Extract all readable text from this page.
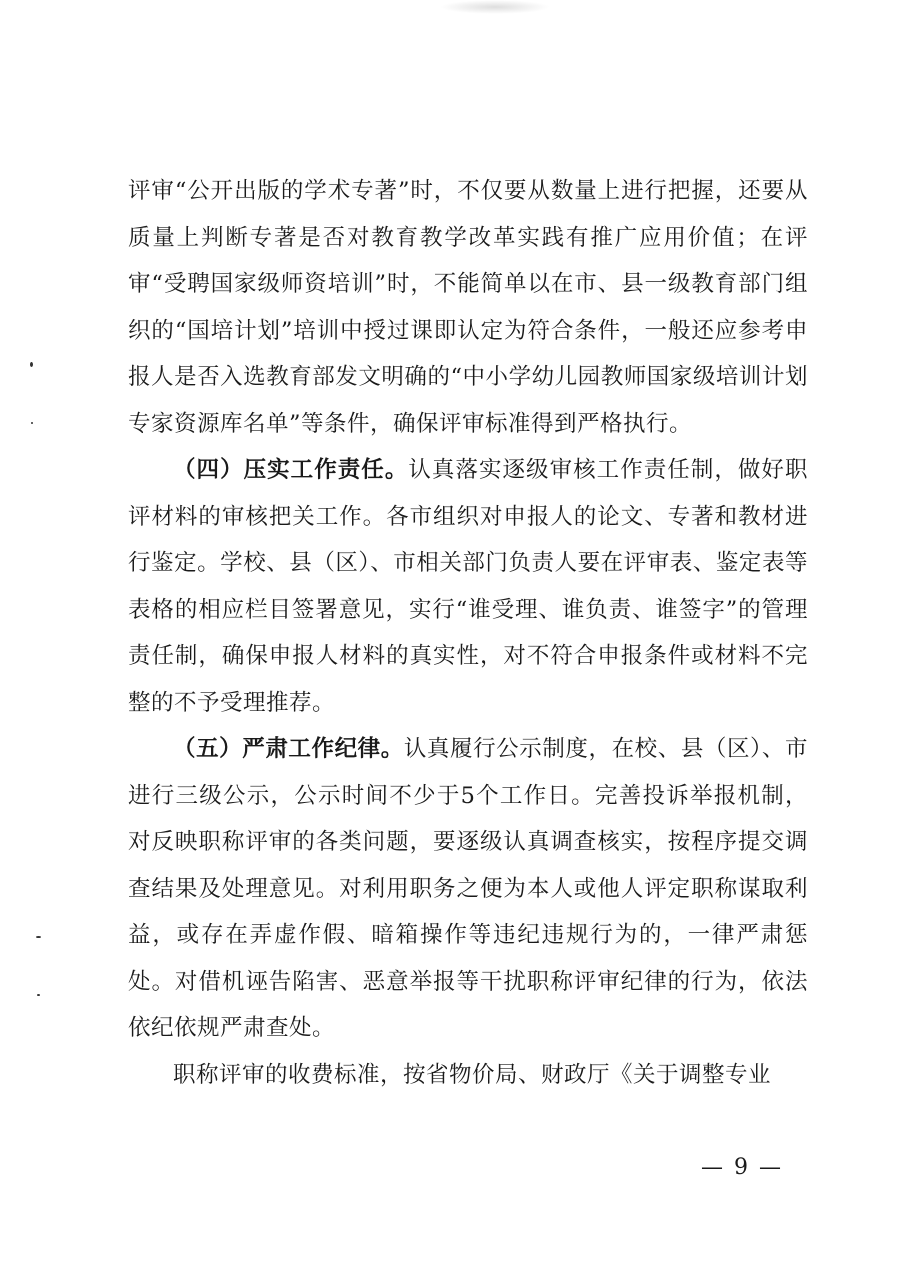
评审“公开出版的学术专著”时，不仅要从数量上进行把握，还要从质量上判断专著是否对教育教学改革实践有推广应用价值；在评审“受聘国家级师资培训”时，不能简单以在市、县一级教育部门组织的“国培计划”培训中授过课即认定为符合条件，一般还应参考申报人是否入选教育部发文明确的“中小学幼儿园教师国家级培训计划专家资源库名单”等条件，确保评审标准得到严格执行。

（四）压实工作责任。认真落实逐级审核工作责任制，做好职评材料的审核把关工作。各市组织对申报人的论文、专著和教材进行鉴定。学校、县（区）、市相关部门负责人要在评审表、鉴定表等表格的相应栏目签署意见，实行“谁受理、谁负责、谁签字”的管理责任制，确保申报人材料的真实性，对不符合申报条件或材料不完整的不予受理推荐。

（五）严肃工作纪律。认真履行公示制度，在校、县（区）、市进行三级公示，公示时间不少于5个工作日。完善投诉举报机制，对反映职称评审的各类问题，要逐级认真调查核实，按程序提交调查结果及处理意见。对利用职务之便为本人或他人评定职称谋取利益，或存在弄虚作假、暗箱操作等违纪违规行为的，一律严肃惩处。对借机诬告陷害、恶意举报等干扰职称评审纪律的行为，依法依纪依规严肃查处。

职称评审的收费标准，按省物价局、财政厅《关于调整专业

— 9 —
